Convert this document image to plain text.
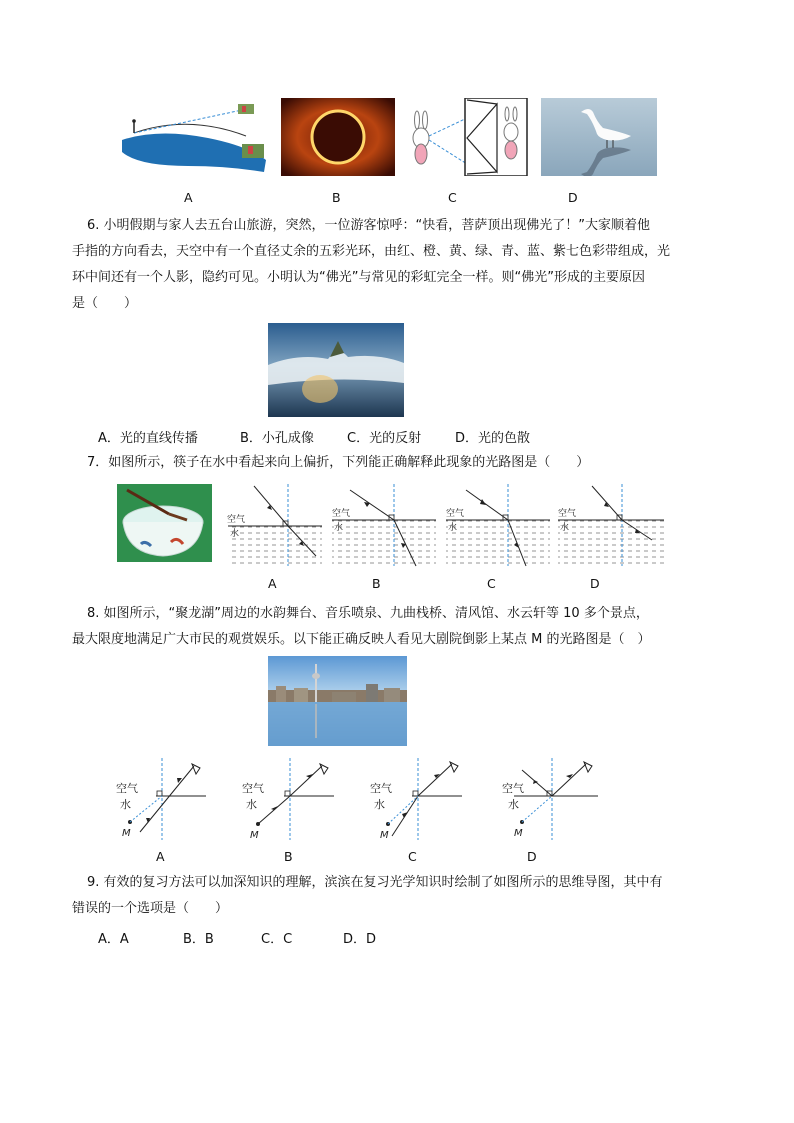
A	B	C	D
6. 小明假期与家人去五台山旅游，突然，一位游客惊呼：“快看，菩萨顶出现佛光了！”大家顺着他
手指的方向看去，天空中有一个直径丈余的五彩光环，由红、橙、黄、绿、青、蓝、紫七色彩带组成，光
环中间还有一个人影，隐约可见。小明认为“佛光”与常见的彩虹完全一样。则“佛光”形成的主要原因
是（　　）
A．光的直线传播	B．小孔成像	C．光的反射	D．光的色散
7．如图所示，筷子在水中看起来向上偏折，下列能正确解释此现象的光路图是（　　）
空气
水
空气
水
空气
水
空气
水
A	B	C	D
8. 如图所示，“聚龙湖”周边的水韵舞台、音乐喷泉、九曲栈桥、清风馆、水云轩等 10 多个景点，
最大限度地满足广大市民的观赏娱乐。以下能正确反映人看见大剧院倒影上某点 M 的光路图是（　）
空气
水
M
空气
水
M
空气
水
M
空气
水
M
A	B	C	D
9. 有效的复习方法可以加深知识的理解，滨滨在复习光学知识时绘制了如图所示的思维导图，其中有
错误的一个选项是（　　）
A．A	B．B	C．C	D．D
